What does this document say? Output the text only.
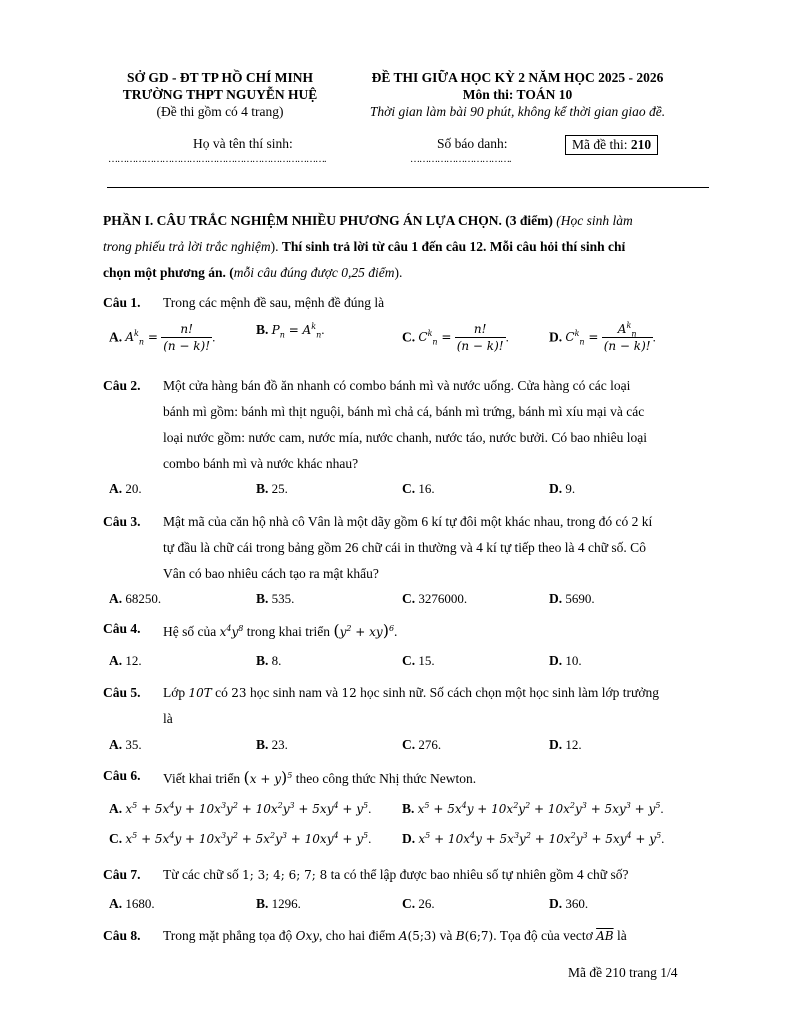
SỞ GD - ĐT TP HỒ CHÍ MINH
TRƯỜNG THPT NGUYỄN HUỆ
(Đề thi gồm có 4 trang)
ĐỀ THI GIỮA HỌC KỲ 2 NĂM HỌC 2025 - 2026
Môn thi: TOÁN 10
Thời gian làm bài 90 phút, không kể thời gian giao đề.
Họ và tên thí sinh:
……………………………………………………………….
Số báo danh:
…………………………….
Mã đề thi: 210
PHẦN I. CÂU TRẮC NGHIỆM NHIỀU PHƯƠNG ÁN LỰA CHỌN. (3 điểm) (Học sinh làm
trong phiếu trả lời trắc nghiệm). Thí sinh trả lời từ câu 1 đến câu 12. Mỗi câu hỏi thí sinh chỉ
chọn một phương án. (mỗi câu đúng được 0,25 điểm).
Câu 1. Trong các mệnh đề sau, mệnh đề đúng là
A. $A^k_n = \frac{n!}{(n - k)!}$ .	B. $P_n = A^k_n$.	C. $C^k_n = \frac{n!}{(n - k)!}$ .	D. $C^k_n = \frac{A^k_n}{(n - k)!}$ .
Câu 2. Một cửa hàng bán đồ ăn nhanh có combo bánh mì và nước uống. Cửa hàng có các loại
bánh mì gồm: bánh mì thịt nguội, bánh mì chả cá, bánh mì trứng, bánh mì xíu mại và các
loại nước gồm: nước cam, nước mía, nước chanh, nước táo, nước bưởi. Có bao nhiêu loại
combo bánh mì và nước khác nhau?
A. 20.	B. 25.	C. 16.	D. 9.
Câu 3. Mật mã của căn hộ nhà cô Vân là một dãy gồm 6 kí tự đôi một khác nhau, trong đó có 2 kí
tự đầu là chữ cái trong bảng gồm 26 chữ cái in thường và 4 kí tự tiếp theo là 4 chữ số. Cô
Vân có bao nhiêu cách tạo ra mật khẩu?
A. 68250.	B. 535.	C. 3276000.	D. 5690.
Câu 4. Hệ số của $x^4y^8$ trong khai triển $(y^2 + xy)^6$.
A. 12.	B. 8.	C. 15.	D. 10.
Câu 5. Lớp 10T có 23 học sinh nam và 12 học sinh nữ. Số cách chọn một học sinh làm lớp trưởng
là
A. 35.	B. 23.	C. 276.	D. 12.
Câu 6. Viết khai triển $(x + y)^5$ theo công thức Nhị thức Newton.
A. $x^5 + 5x^4y + 10x^3y^2 + 10x^2y^3 + 5xy^4 + y^5$. B. $x^5 + 5x^4y + 10x^2y^2 + 10x^2y^3 + 5xy^3 + y^5$.
C. $x^5 + 5x^4y + 10x^3y^2 + 5x^2y^3 + 10xy^4 + y^5$. D. $x^5 + 10x^4y + 5x^3y^2 + 10x^2y^3 + 5xy^4 + y^5$.
Câu 7. Từ các chữ số 1; 3; 4; 6; 7; 8 ta có thể lập được bao nhiêu số tự nhiên gồm 4 chữ số?
A. 1680.	B. 1296.	C. 26.	D. 360.
Câu 8. Trong mặt phẳng tọa độ Oxy, cho hai điểm A(5;3) và B(6;7). Tọa độ của vectơ $\overline{AB}$ là
Mã đề 210 trang 1/4
